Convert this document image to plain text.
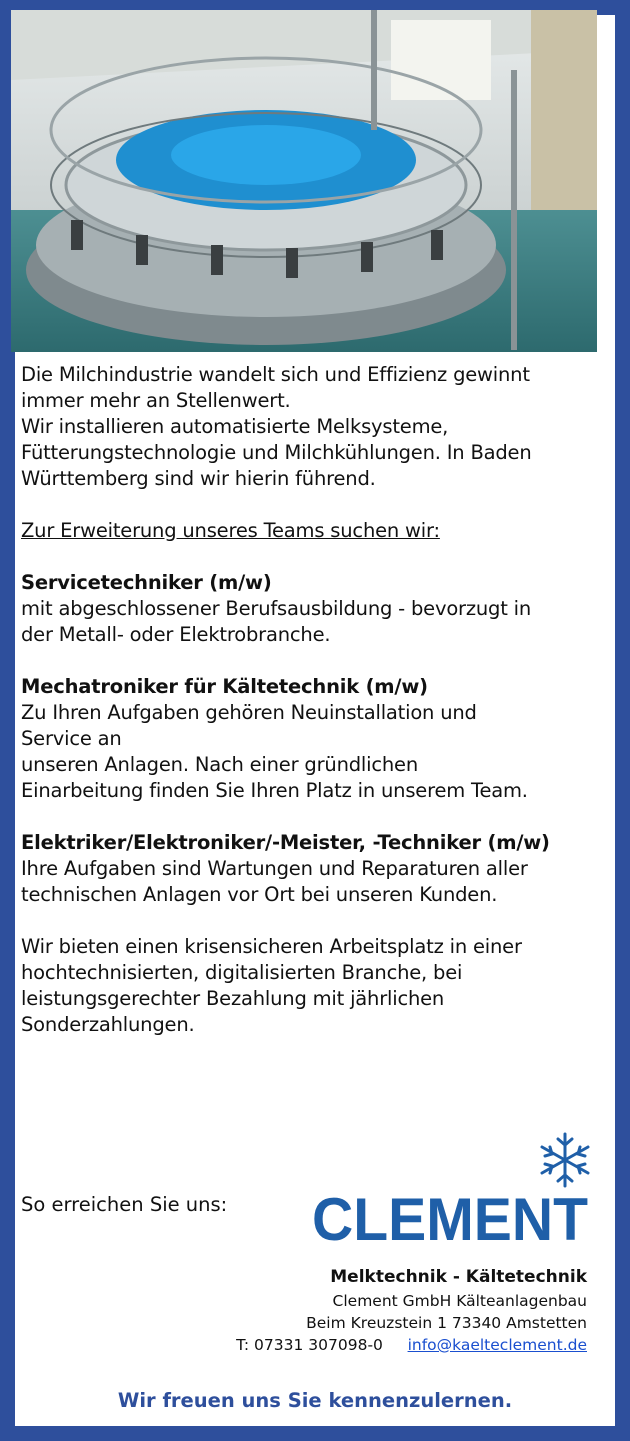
Die Milchindustrie wandelt sich und Effizienz gewinnt

immer mehr an Stellenwert.

Wir installieren automatisierte Melksysteme,

Fütterungstechnologie und Milchkühlungen. In Baden

Württemberg sind wir hierin führend.

Zur Erweiterung unseres Teams suchen wir:

Servicetechniker (m/w)

mit abgeschlossener Berufsausbildung - bevorzugt in

der Metall- oder Elektrobranche.

Mechatroniker für Kältetechnik (m/w)

Zu Ihren Aufgaben gehören Neuinstallation und

Service an

unseren Anlagen. Nach einer gründlichen

Einarbeitung finden Sie Ihren Platz in unserem Team.

Elektriker/Elektroniker/-Meister, -Techniker (m/w)

Ihre Aufgaben sind Wartungen und Reparaturen aller

technischen Anlagen vor Ort bei unseren Kunden.

Wir bieten einen krisensicheren Arbeitsplatz in einer

hochtechnisierten, digitalisierten Branche, bei

leistungsgerechter Bezahlung mit jährlichen

Sonderzahlungen.

So erreichen Sie uns: CLEMENT
Melktechnik - Kältetechnik
Clement GmbH Kälteanlagenbau
Beim Kreuzstein 1 73340 Amstetten
T: 07331 307098-0 info@kaelteclement.de
Wir freuen uns Sie kennenzulernen.
